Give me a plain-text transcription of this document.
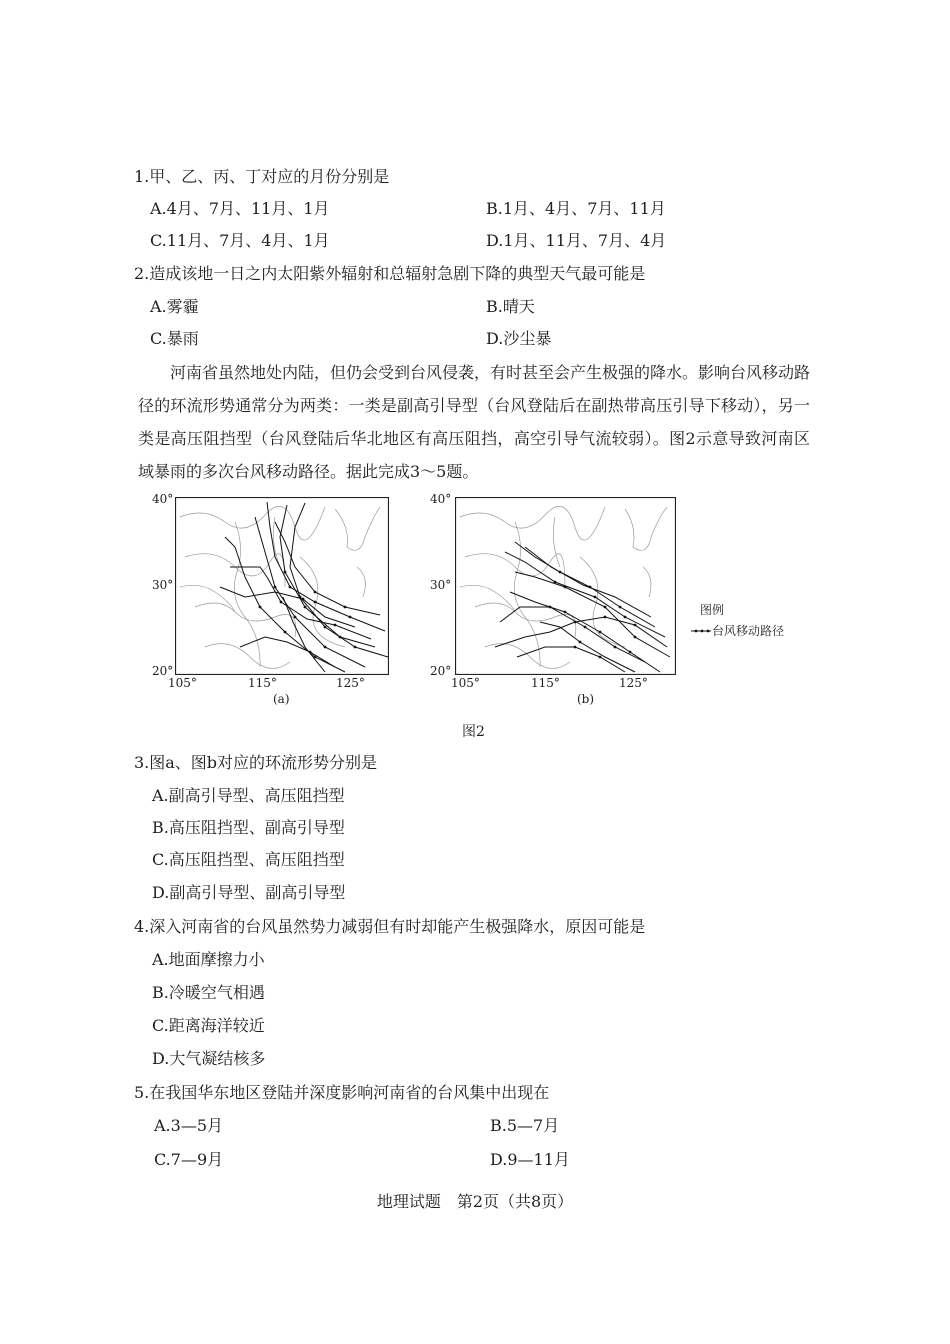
1.甲、乙、丙、丁对应的月份分别是
A.4月、7月、11月、1月	B.1月、4月、7月、11月
C.11月、7月、4月、1月	D.1月、11月、7月、4月
2.造成该地一日之内太阳紫外辐射和总辐射急剧下降的典型天气最可能是
A.雾霾	B.晴天
C.暴雨	D.沙尘暴
河南省虽然地处内陆，但仍会受到台风侵袭，有时甚至会产生极强的降水。影响台风移动路径的环流形势通常分为两类：一类是副高引导型（台风登陆后在副热带高压引导下移动），另一类是高压阻挡型（台风登陆后华北地区有高压阻挡，高空引导气流较弱）。图2示意导致河南区域暴雨的多次台风移动路径。据此完成3～5题。
40°
30°
20°
105°	115°	125°
(a)
40°
30°
20°
105°	115°	125°
(b)
图例
台风移动路径
图2
3.图a、图b对应的环流形势分别是
A.副高引导型、高压阻挡型
B.高压阻挡型、副高引导型
C.高压阻挡型、高压阻挡型
D.副高引导型、副高引导型
4.深入河南省的台风虽然势力减弱但有时却能产生极强降水，原因可能是
A.地面摩擦力小
B.冷暖空气相遇
C.距离海洋较近
D.大气凝结核多
5.在我国华东地区登陆并深度影响河南省的台风集中出现在
A.3—5月	B.5—7月
C.7—9月	D.9—11月
地理试题　第2页（共8页）
